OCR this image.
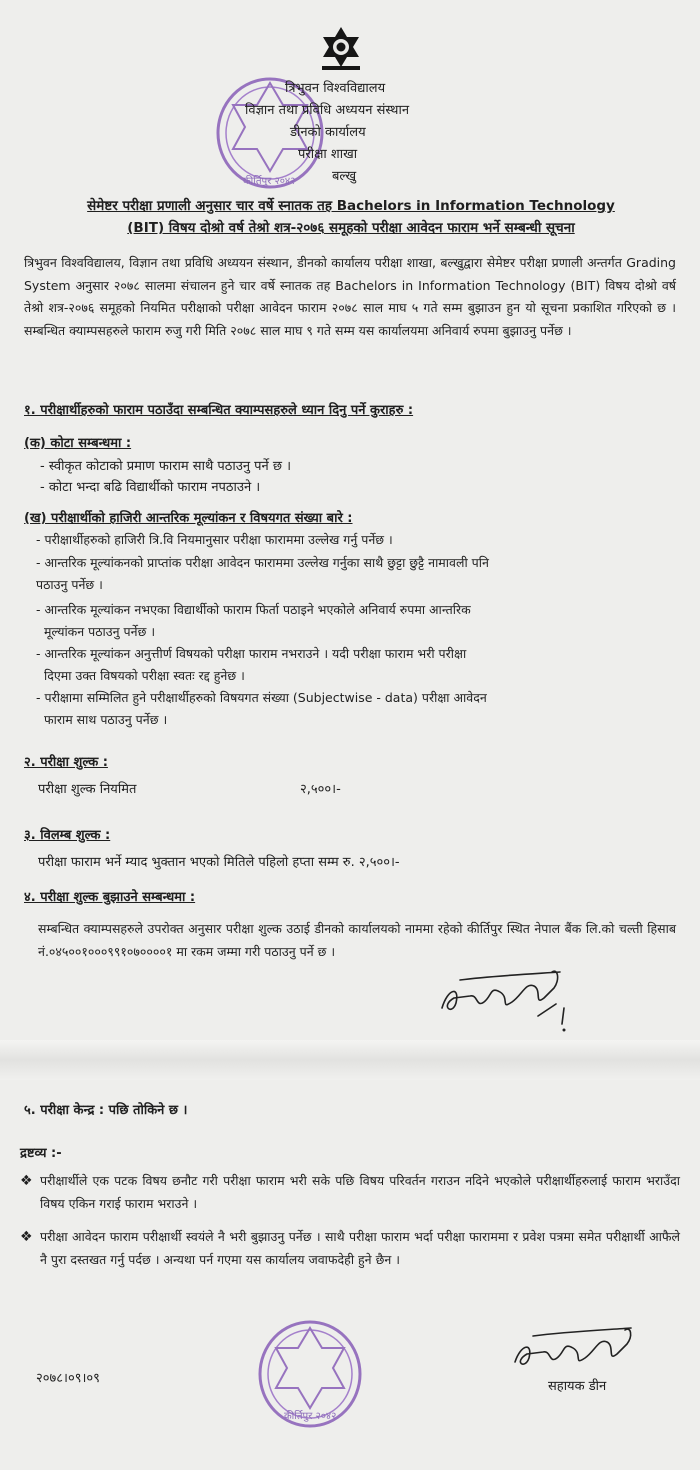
कीर्तिपुर २०४२
त्रिभुवन विश्वविद्यालय
विज्ञान तथा प्रविधि अध्ययन संस्थान
डीनको कार्यालय
परीक्षा शाखा
बल्खु
सेमेष्टर परीक्षा प्रणाली अनुसार चार वर्षे स्नातक तह Bachelors in Information Technology
(BIT) विषय दोश्रो वर्ष तेश्रो शत्र-२०७६ समूहको परीक्षा आवेदन फाराम भर्ने सम्बन्धी सूचना
त्रिभुवन विश्वविद्यालय, विज्ञान तथा प्रविधि अध्ययन संस्थान, डीनको कार्यालय परीक्षा शाखा, बल्खुद्वारा सेमेष्टर परीक्षा प्रणाली अन्तर्गत Grading System अनुसार २०७८ सालमा संचालन हुने चार वर्षे स्नातक तह Bachelors in Information Technology (BIT) विषय दोश्रो वर्ष तेश्रो शत्र-२०७६ समूहको नियमित परीक्षाको परीक्षा आवेदन फाराम २०७८ साल माघ ५ गते सम्म बुझाउन हुन यो सूचना प्रकाशित गरिएको छ । सम्बन्धित क्याम्पसहरुले फाराम रुजु गरी मिति २०७८ साल माघ ९ गते सम्म यस कार्यालयमा अनिवार्य रुपमा बुझाउनु पर्नेछ ।
१. परीक्षार्थीहरुको फाराम पठाउँदा सम्बन्धित क्याम्पसहरुले ध्यान दिनु पर्ने कुराहरु :
(क) कोटा सम्बन्धमा :
- स्वीकृत कोटाको प्रमाण फाराम साथै पठाउनु पर्ने छ ।
- कोटा भन्दा बढि विद्यार्थीको फाराम नपठाउने ।
(ख) परीक्षार्थीको हाजिरी आन्तरिक मूल्यांकन र विषयगत संख्या बारे :
- परीक्षार्थीहरुको हाजिरी त्रि.वि नियमानुसार परीक्षा फाराममा उल्लेख गर्नु पर्नेछ ।
- आन्तरिक मूल्यांकनको प्राप्तांक परीक्षा आवेदन फाराममा उल्लेख गर्नुका साथै छुट्टा छुट्टै नामावली पनि
पठाउनु पर्नेछ ।
- आन्तरिक मूल्यांकन नभएका विद्यार्थीको फाराम फिर्ता पठाइने भएकोले अनिवार्य रुपमा आन्तरिक
मूल्यांकन पठाउनु पर्नेछ ।
- आन्तरिक मूल्यांकन अनुत्तीर्ण विषयको परीक्षा फाराम नभराउने । यदी परीक्षा फाराम भरी परीक्षा
दिएमा उक्त विषयको परीक्षा स्वतः रद्द हुनेछ ।
- परीक्षामा सम्मिलित हुने परीक्षार्थीहरुको विषयगत संख्या (Subjectwise - data) परीक्षा आवेदन
फाराम साथ पठाउनु पर्नेछ ।
२. परीक्षा शुल्क :
परीक्षा शुल्क नियमित	२,५००।-
३. विलम्ब शुल्क :
परीक्षा फाराम भर्ने म्याद भुक्तान भएको मितिले पहिलो हप्ता सम्म रु. २,५००।-
४. परीक्षा शुल्क बुझाउने सम्बन्धमा :
सम्बन्धित क्याम्पसहरुले उपरोक्त अनुसार परीक्षा शुल्क उठाई डीनको कार्यालयको नाममा रहेको कीर्तिपुर स्थित नेपाल बैंक लि.को चल्ती हिसाब नं.०४५००१०००९९१०७००००१ मा रकम जम्मा गरी पठाउनु पर्ने छ ।
५. परीक्षा केन्द्र : पछि तोकिने छ ।
द्रष्टव्य :-
❖ परीक्षार्थीले एक पटक विषय छनौट गरी परीक्षा फाराम भरी सके पछि विषय परिवर्तन गराउन नदिने भएकोले परीक्षार्थीहरुलाई फाराम भराउँदा विषय एकिन गराई फाराम भराउने ।
❖ परीक्षा आवेदन फाराम परीक्षार्थी स्वयंले नै भरी बुझाउनु पर्नेछ । साथै परीक्षा फाराम भर्दा परीक्षा फाराममा र प्रवेश पत्रमा समेत परीक्षार्थी आफैले नै पुरा दस्तखत गर्नु पर्दछ । अन्यथा पर्न गएमा यस कार्यालय जवाफदेही हुने छैन ।
कीर्तिपुर २०४२
२०७८।०९।०९
सहायक डीन
